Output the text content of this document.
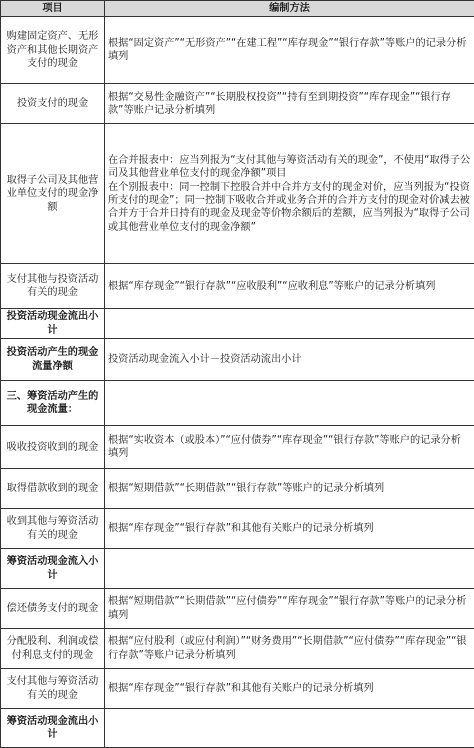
项目	编制方法
购建固定资产、无形资产和其他长期资产支付的现金	根据“固定资产”“无形资产”“在建工程”“库存现金”“银行存款”等账户的记录分析填列

投资支付的现金	根据“交易性金融资产”“长期股权投资”“持有至到期投资”“库存现金”“银行存款”等账户记录分析填列

取得子公司及其他营业单位支付的现金净额	在合并报表中：应当列报为“支付其他与筹资活动有关的现金”，不使用“取得子公司及其他营业单位支付的现金净额”项目
在个别报表中：同一控制下控股合并中合并方支付的现金对价，应当列报为“投资所支付的现金”；同一控制下吸收合并或业务合并的合并方支付的现金对价减去被合并方于合并日持有的现金及现金等价物余额后的差额，应当列报为“取得子公司或其他营业单位支付的现金净额”

支付其他与投资活动有关的现金	根据“库存现金”“银行存款”“应收股利”“应收利息”等账户的记录分析填列

投资活动现金流出小计	

投资活动产生的现金流量净额	投资活动现金流入小计－投资活动流出小计

三、筹资活动产生的现金流量：	

吸收投资收到的现金	根据“实收资本（或股本）”“应付债券”“库存现金”“银行存款”等账户的记录分析填列

取得借款收到的现金	根据“短期借款”“长期借款”“银行存款”等账户的记录分析填列

收到其他与筹资活动有关的现金	根据“库存现金”“银行存款”和其他有关账户的记录分析填列

筹资活动现金流入小计	

偿还债务支付的现金	根据“短期借款”“长期借款”“应付债券”“库存现金”“银行存款”等账户的记录分析填列

分配股利、利润或偿付利息支付的现金	根据“应付股利（或应付利润）”“财务费用”“长期借款”“应付债券”“库存现金”“银行存款”等账户记录分析填列

支付其他与筹资活动有关的现金	根据“库存现金”“银行存款”和其他有关账户的记录分析填列

筹资活动现金流出小计	
